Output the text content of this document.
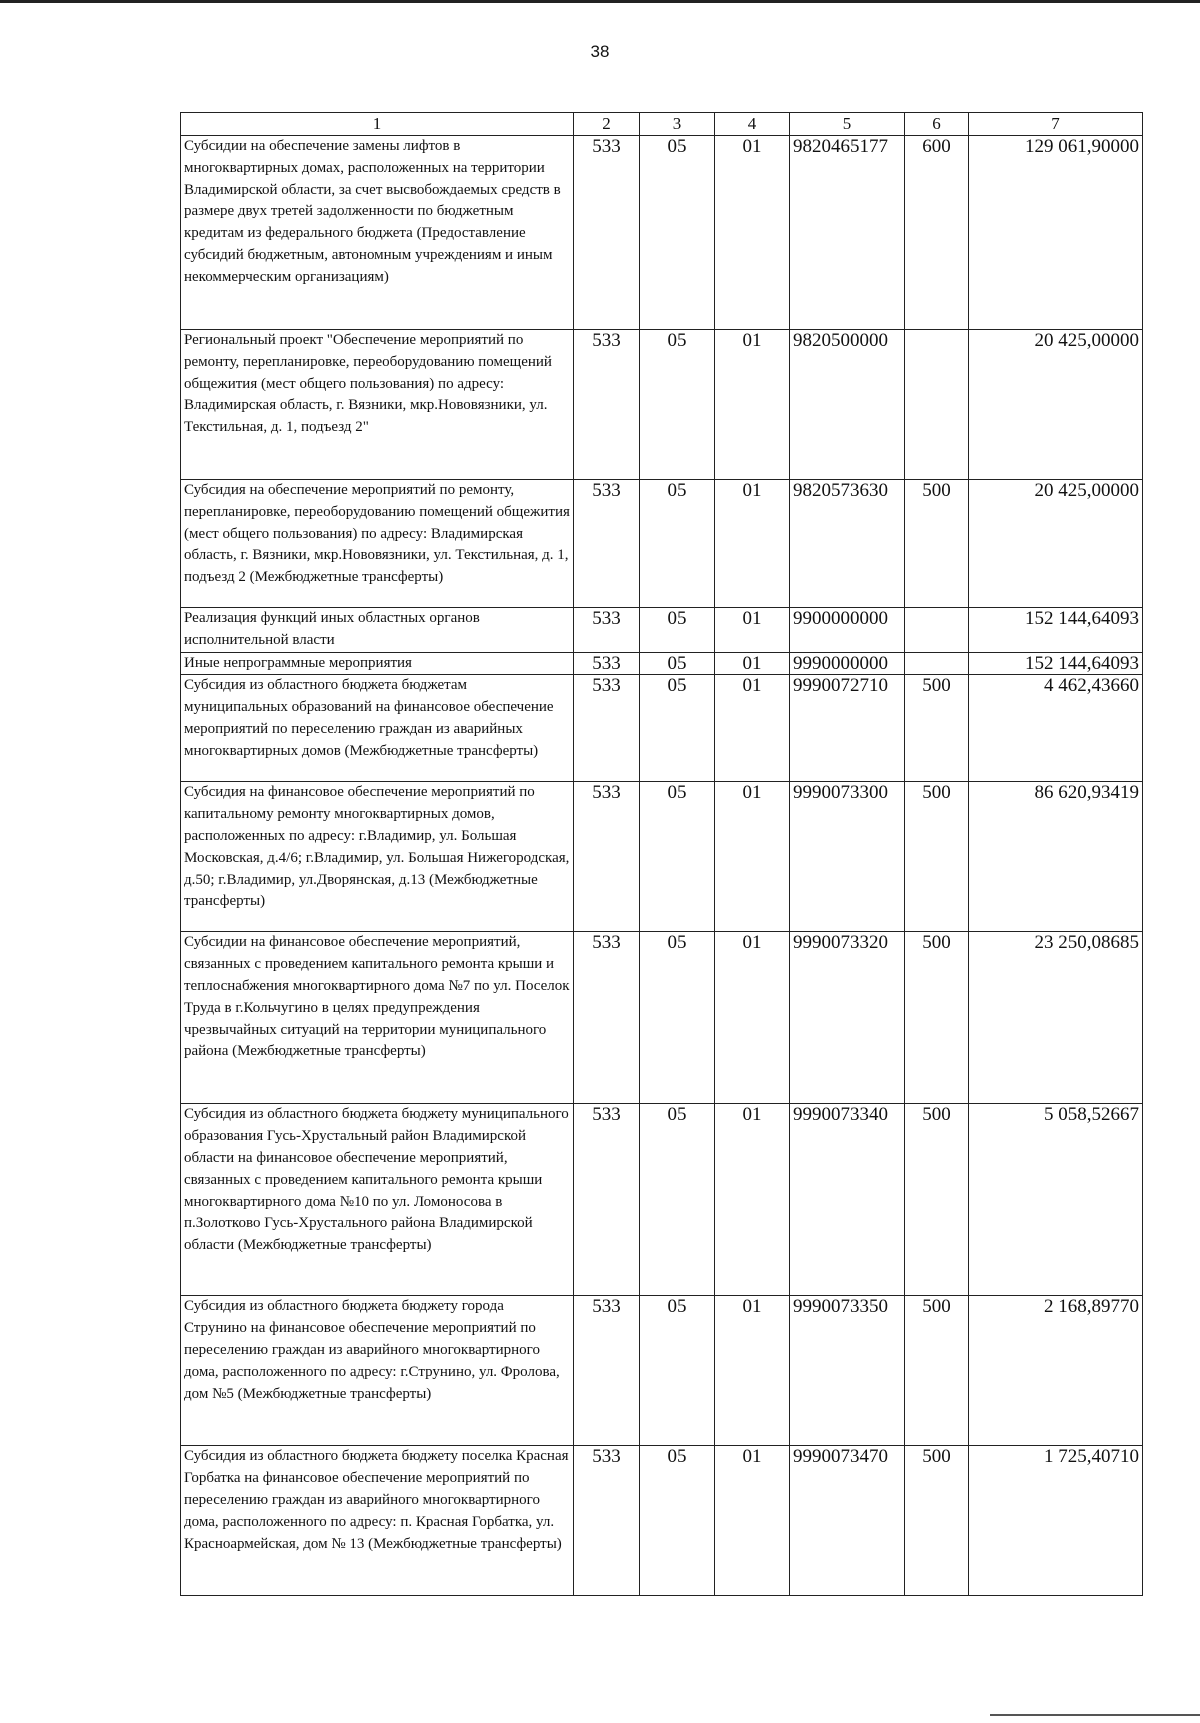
38
1	2	3	4	5	6	7
Субсидии на обеспечение замены лифтов в многоквартирных домах, расположенных на территории Владимирской области, за счет высвобождаемых средств в размере двух третей задолженности по бюджетным кредитам из федерального бюджета (Предоставление субсидий бюджетным, автономным учреждениям и иным некоммерческим организациям)	533	05	01	9820465177	600	129 061,90000
Региональный проект "Обеспечение мероприятий по ремонту, перепланировке, переоборудованию помещений общежития (мест общего пользования) по адресу: Владимирская область, г. Вязники, мкр.Нововязники, ул. Текстильная, д. 1, подъезд 2"	533	05	01	9820500000		20 425,00000
Субсидия на обеспечение мероприятий по ремонту, перепланировке, переоборудованию помещений общежития (мест общего пользования) по адресу: Владимирская область, г. Вязники, мкр.Нововязники, ул. Текстильная, д. 1, подъезд 2 (Межбюджетные трансферты)	533	05	01	9820573630	500	20 425,00000
Реализация функций иных областных органов исполнительной власти	533	05	01	9900000000		152 144,64093
Иные непрограммные мероприятия	533	05	01	9990000000		152 144,64093
Субсидия из областного бюджета бюджетам муниципальных образований на финансовое обеспечение мероприятий по переселению граждан из аварийных многоквартирных домов (Межбюджетные трансферты)	533	05	01	9990072710	500	4 462,43660
Субсидия на финансовое обеспечение мероприятий по капитальному ремонту многоквартирных домов, расположенных по адресу: г.Владимир, ул. Большая Московская, д.4/6; г.Владимир, ул. Большая Нижегородская, д.50; г.Владимир, ул.Дворянская, д.13 (Межбюджетные трансферты)	533	05	01	9990073300	500	86 620,93419
Субсидии на финансовое обеспечение мероприятий, связанных с проведением капитального ремонта крыши и теплоснабжения многоквартирного дома №7 по ул. Поселок Труда в г.Кольчугино в целях предупреждения чрезвычайных ситуаций на территории муниципального района (Межбюджетные трансферты)	533	05	01	9990073320	500	23 250,08685
Субсидия из областного бюджета бюджету муниципального образования Гусь-Хрустальный район Владимирской области на финансовое обеспечение мероприятий, связанных с проведением капитального ремонта крыши многоквартирного дома №10 по ул. Ломоносова в п.Золотково Гусь-Хрустального района Владимирской области (Межбюджетные трансферты)	533	05	01	9990073340	500	5 058,52667
Субсидия из областного бюджета бюджету города Струнино на финансовое обеспечение мероприятий по переселению граждан из аварийного многоквартирного дома, расположенного по адресу: г.Струнино, ул. Фролова, дом №5 (Межбюджетные трансферты)	533	05	01	9990073350	500	2 168,89770
Субсидия из областного бюджета бюджету поселка Красная Горбатка на финансовое обеспечение мероприятий по переселению граждан из аварийного многоквартирного дома, расположенного по адресу: п. Красная Горбатка, ул. Красноармейская, дом № 13 (Межбюджетные трансферты)	533	05	01	9990073470	500	1 725,40710
